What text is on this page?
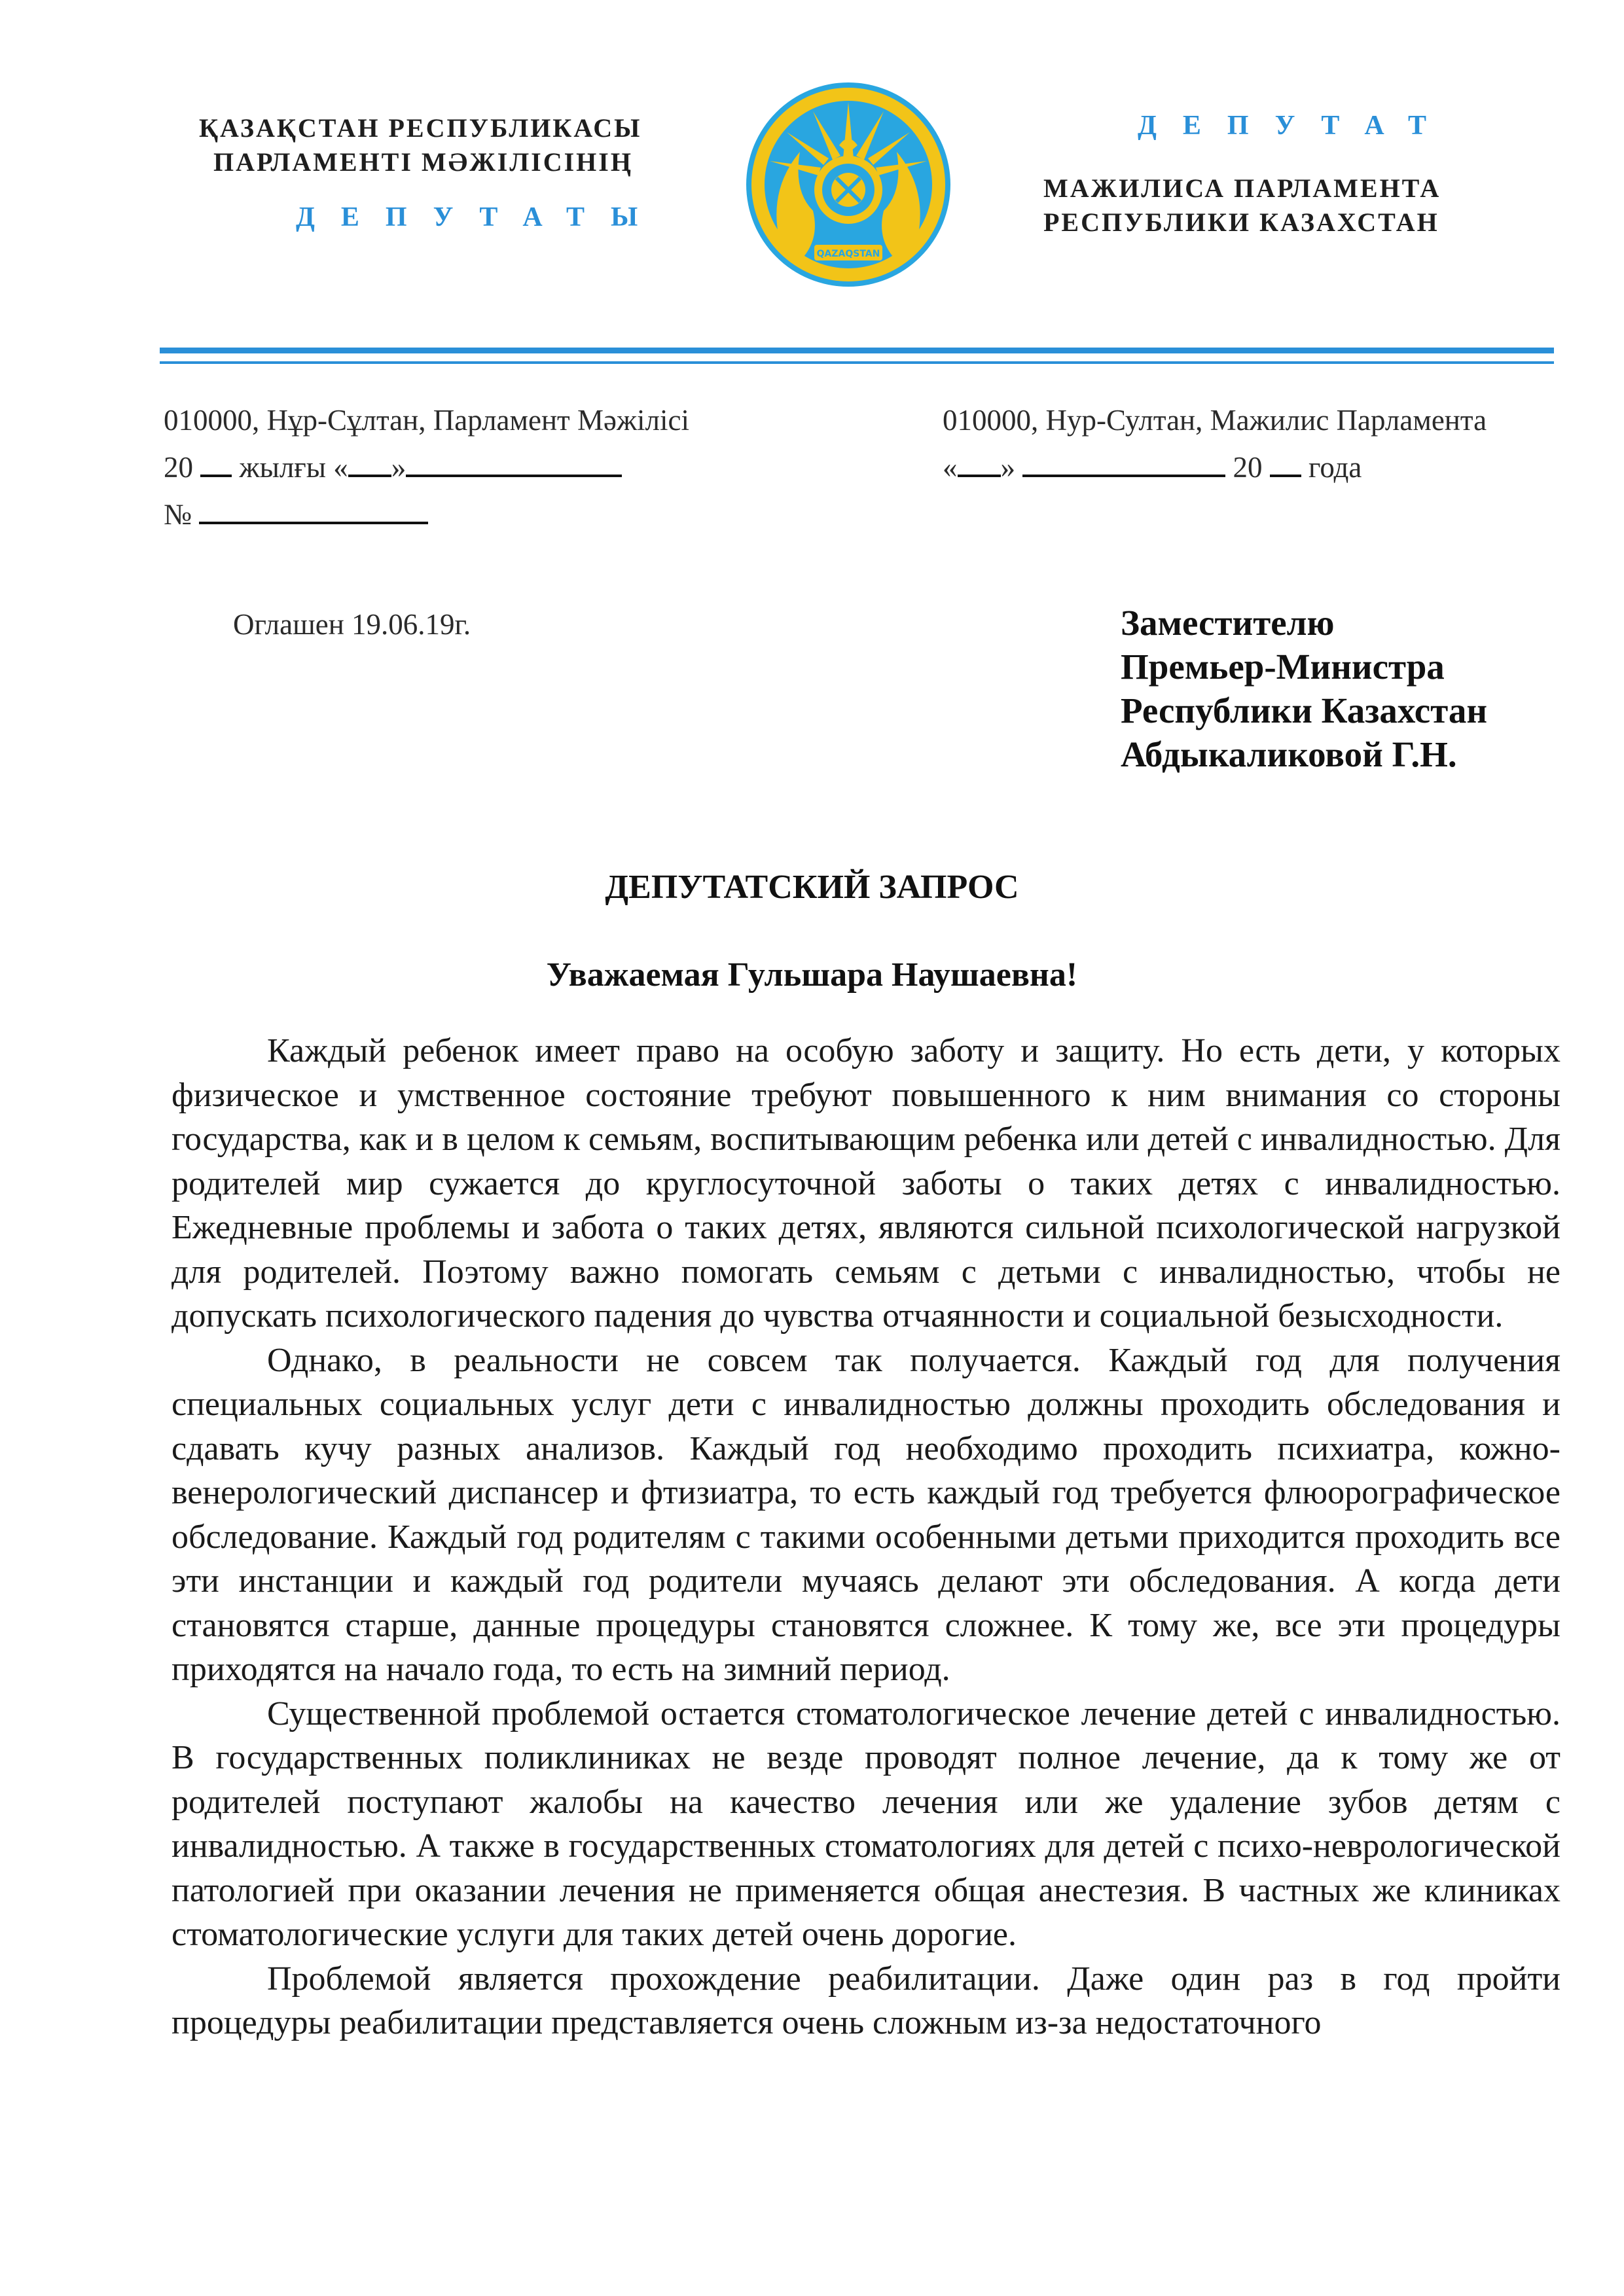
ҚАЗАҚСТАН РЕСПУБЛИКАСЫ
ПАРЛАМЕНТІ МӘЖІЛІСІНІҢ
ДЕПУТАТЫ
QAZAQSTAN
ДЕПУТАТ
МАЖИЛИСА ПАРЛАМЕНТА
РЕСПУБЛИКИ КАЗАХСТАН
010000, Нұр-Сұлтан, Парламент Мәжілісі
20 жылғы « »
№
010000, Нур-Султан, Мажилис Парламента
« »	20 года
Оглашен 19.06.19г.	Заместителю
Премьер-Министра
Республики Казахстан
Абдыкаликовой Г.Н.
ДЕПУТАТСКИЙ ЗАПРОС
Уважаемая Гульшара Наушаевна!

Каждый ребенок имеет право на особую заботу и защиту. Но есть дети, у которых физическое и умственное состояние требуют повышенного к ним внимания со стороны государства, как и в целом к семьям, воспитывающим ребенка или детей с инвалидностью. Для родителей мир сужается до круглосуточной заботы о таких детях с инвалидностью. Ежедневные проблемы и забота о таких детях, являются сильной психологической нагрузкой для родителей. Поэтому важно помогать семьям с детьми с инвалидностью, чтобы не допускать психологического падения до чувства отчаянности и социальной безысходности.

Однако, в реальности не совсем так получается. Каждый год для получения специальных социальных услуг дети с инвалидностью должны проходить обследования и сдавать кучу разных анализов. Каждый год необходимо проходить психиатра, кожно-венерологический диспансер и фтизиатра, то есть каждый год требуется флюорографическое обследование. Каждый год родителям с такими особенными детьми приходится проходить все эти инстанции и каждый год родители мучаясь делают эти обследования. А когда дети становятся старше, данные процедуры становятся сложнее. К тому же, все эти процедуры приходятся на начало года, то есть на зимний период.

Существенной проблемой остается стоматологическое лечение детей с инвалидностью. В государственных поликлиниках не везде проводят полное лечение, да к тому же от родителей поступают жалобы на качество лечения или же удаление зубов детям с инвалидностью. А также в государственных стоматологиях для детей с психо-неврологической патологией при оказании лечения не применяется общая анестезия. В частных же клиниках стоматологические услуги для таких детей очень дорогие.

Проблемой является прохождение реабилитации. Даже один раз в год пройти процедуры реабилитации представляется очень сложным из-за недостаточного
